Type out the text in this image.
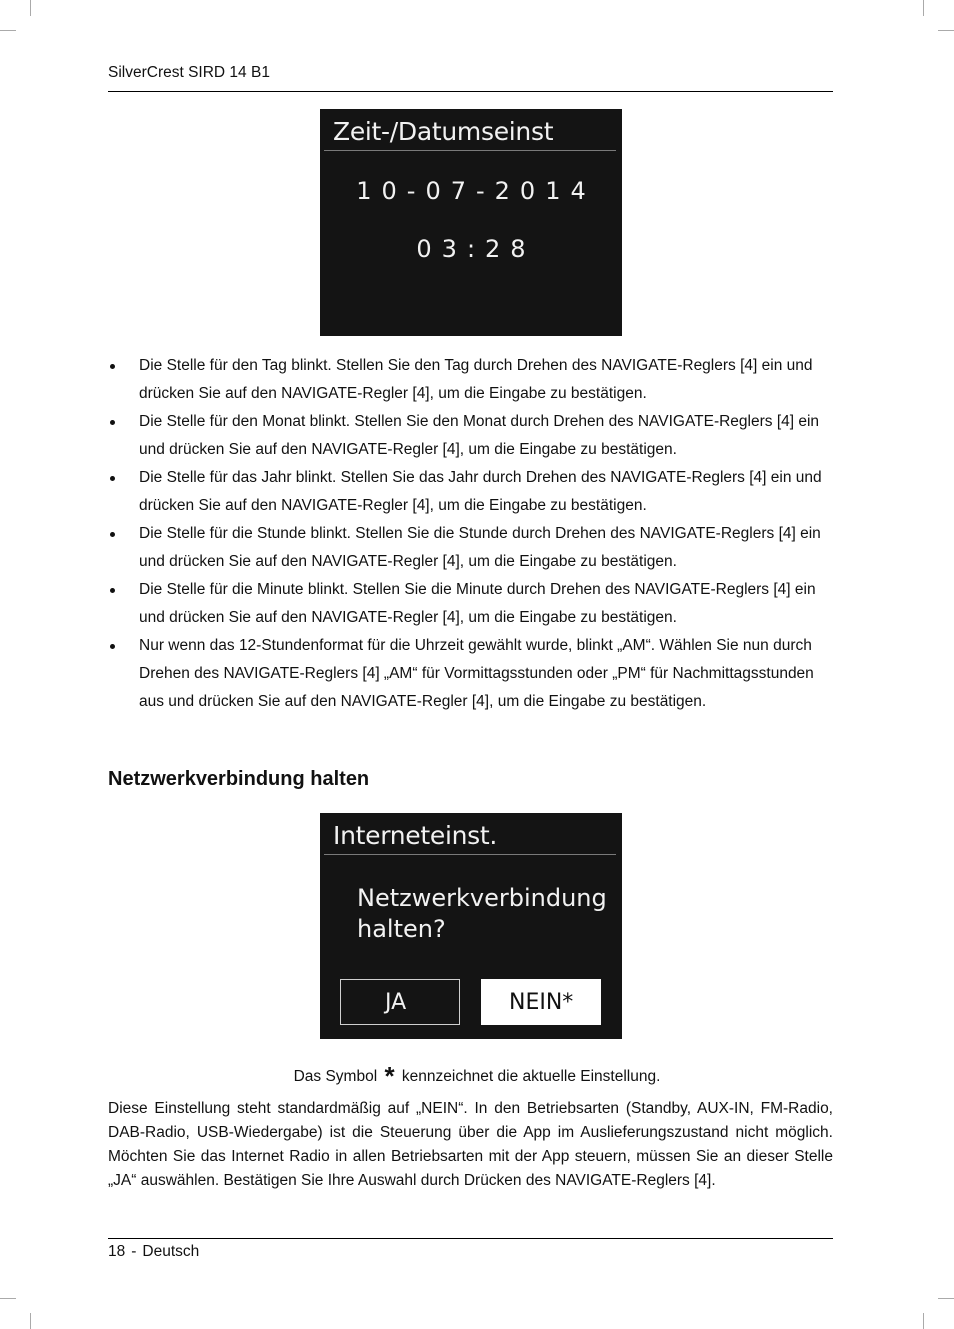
SilverCrest SIRD 14 B1
Zeit-/Datumseinst
10-07-2014
03:28
Die Stelle für den Tag blinkt. Stellen Sie den Tag durch Drehen des NAVIGATE-Reglers [4] ein und drücken Sie auf den NAVIGATE-Regler [4], um die Eingabe zu bestätigen.
Die Stelle für den Monat blinkt. Stellen Sie den Monat durch Drehen des NAVIGATE-Reglers [4] ein und drücken Sie auf den NAVIGATE-Regler [4], um die Eingabe zu bestätigen.
Die Stelle für das Jahr blinkt. Stellen Sie das Jahr durch Drehen des NAVIGATE-Reglers [4] ein und drücken Sie auf den NAVIGATE-Regler [4], um die Eingabe zu bestätigen.
Die Stelle für die Stunde blinkt. Stellen Sie die Stunde durch Drehen des NAVIGATE-Reglers [4] ein und drücken Sie auf den NAVIGATE-Regler [4], um die Eingabe zu bestätigen.
Die Stelle für die Minute blinkt. Stellen Sie die Minute durch Drehen des NAVIGATE-Reglers [4] ein und drücken Sie auf den NAVIGATE-Regler [4], um die Eingabe zu bestätigen.
Nur wenn das 12-Stundenformat für die Uhrzeit gewählt wurde, blinkt „AM“. Wählen Sie nun durch Drehen des NAVIGATE-Reglers [4] „AM“ für Vormittagsstunden oder „PM“ für Nachmittagsstunden aus und drücken Sie auf den NAVIGATE-Regler [4], um die Eingabe zu bestätigen.
Netzwerkverbindung halten
Interneteinst.
Netzwerkverbindung
halten?
JA	NEIN*
Das Symbol * kennzeichnet die aktuelle Einstellung.

Diese Einstellung steht standardmäßig auf „NEIN“. In den Betriebsarten (Standby, AUX-IN, FM-Radio, DAB-Radio, USB-Wiedergabe) ist die Steuerung über die App im Auslieferungszustand nicht möglich. Möchten Sie das Internet Radio in allen Betriebsarten mit der App steuern, müssen Sie an dieser Stelle „JA“ auswählen. Bestätigen Sie Ihre Auswahl durch Drücken des NAVIGATE-Reglers [4].

18 - Deutsch
